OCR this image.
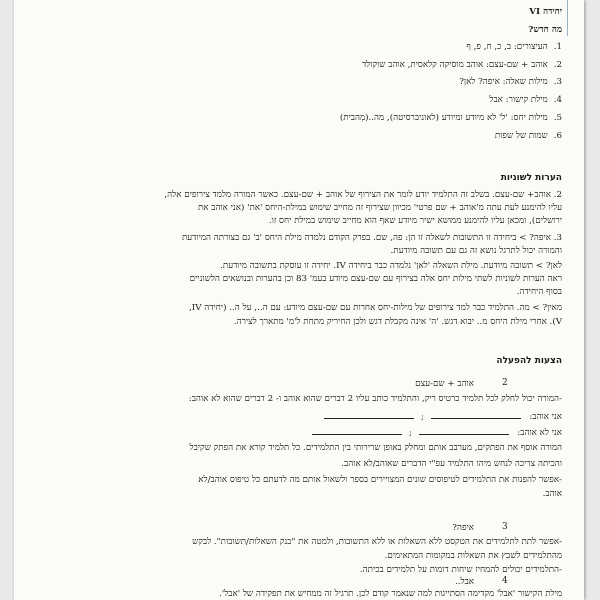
יחידה VI
מה חדש?
1.העיצורים: ב, כ, ח, פ, ף
2.אוהב + שם-עצם: אוהב מוסיקה קלאסית, אוהב שוקולד
3.מילות שאלה: איפה? לאן?
4.מילת קישור: אבל
5.מילות יחס: 'ל' לא מיודע ומיודע (לאוניברסיטה), מה..(מְהבית)
6.שמות של שפות
הערות לשוניות
2. אוהב+ שם-עצם. בשלב זה התלמיד יודע לומר את הצירוף של אוהב + שם-עצם. כאשר המורה מלמד צירופים אלה,
עליו להימנע לעת עתה מ'אוהב + שם פרטי' מכיוון שצירוף זה מחייב שימוש במילת-היחס 'את' (אני אוהב את
ירושלים), ומכאן עליו להימנע ממושא ישיר מיודע שאף הוא מחייב שימוש במילת יחס זו.
3. איפה? > ביחידה זו התשובות לשאלה זו הן: פה, שם. בפרק הקודם נלמדה מילת היחס 'ב' גם בצורתה המיודעת
והמורה יכול לתרגל נושא זה גם עם תשובה מיודעת.
לאן? > תשובה מיודעת. מילת השאלה 'לאן' נלמדה כבר ביחידה IV. יחידה זו עוסקת בתשובה מיודעת.
ראה הערות לשוניות לשתי מילות יחס אלה בצירוף עם שם-עצם מיודע בעמ' 83 וכן בהערות ובנושאים הלשוניים
בסוף היחידה.
מאין? > מה. התלמיד כבר למד צירופים של מילות-יחס אחרות עם שם-עצם מיודע: עם ה.., על ה.. (יחידה IV,
V). אחרי מילת היחס מ.. יבוא דגש. 'ה' אינה מקבלת דגש ולכן החיריק מתחת ל'מ' מתארך לצירה.
הצעות להפעלה
אוהב + שם-עצם	2
-המורה יכול לחלק לכל תלמיד כרטיס ריק, והתלמיד כותב עליו 2 דברים שהוא אוהב ו- 2 דברים שהוא לא אוהב:
אני אוהב:  ;
אני לא אוהב:  ;
המורה אוסף את הפתקים, מערבב אותם ומחלק באופן שרירותי בין התלמידים. כל תלמיד קורא את הפתק שקיבל
והכיתה צריכה לנחש מיהו התלמיד עפ"י הדברים שאוהב/לא אוהב.
-אפשר להפנות את התלמידים לטיפוסים שונים המצויירים בספר ולשאול אותם מה לדעתם כל טיפוס אוהב/לא
אוהב.
איפה?	3
-אפשר לתת לתלמידים את הטקסט ללא השאלות או ללא התשובות, ולמטה את "בנק השאלות/תשובות". לבקש
מהתלמידים לשבץ את השאלות במקומות המתאימים.
-התלמידים יכולים להמחיז שיחות דומות על תלמידים בכיתה.
אבל..	4
מילת הקישור 'אבל' מקדימה הסתייגות למה שנאמר קודם לכן. תרגיל זה ממחיש את תפקידה של 'אבל'.
